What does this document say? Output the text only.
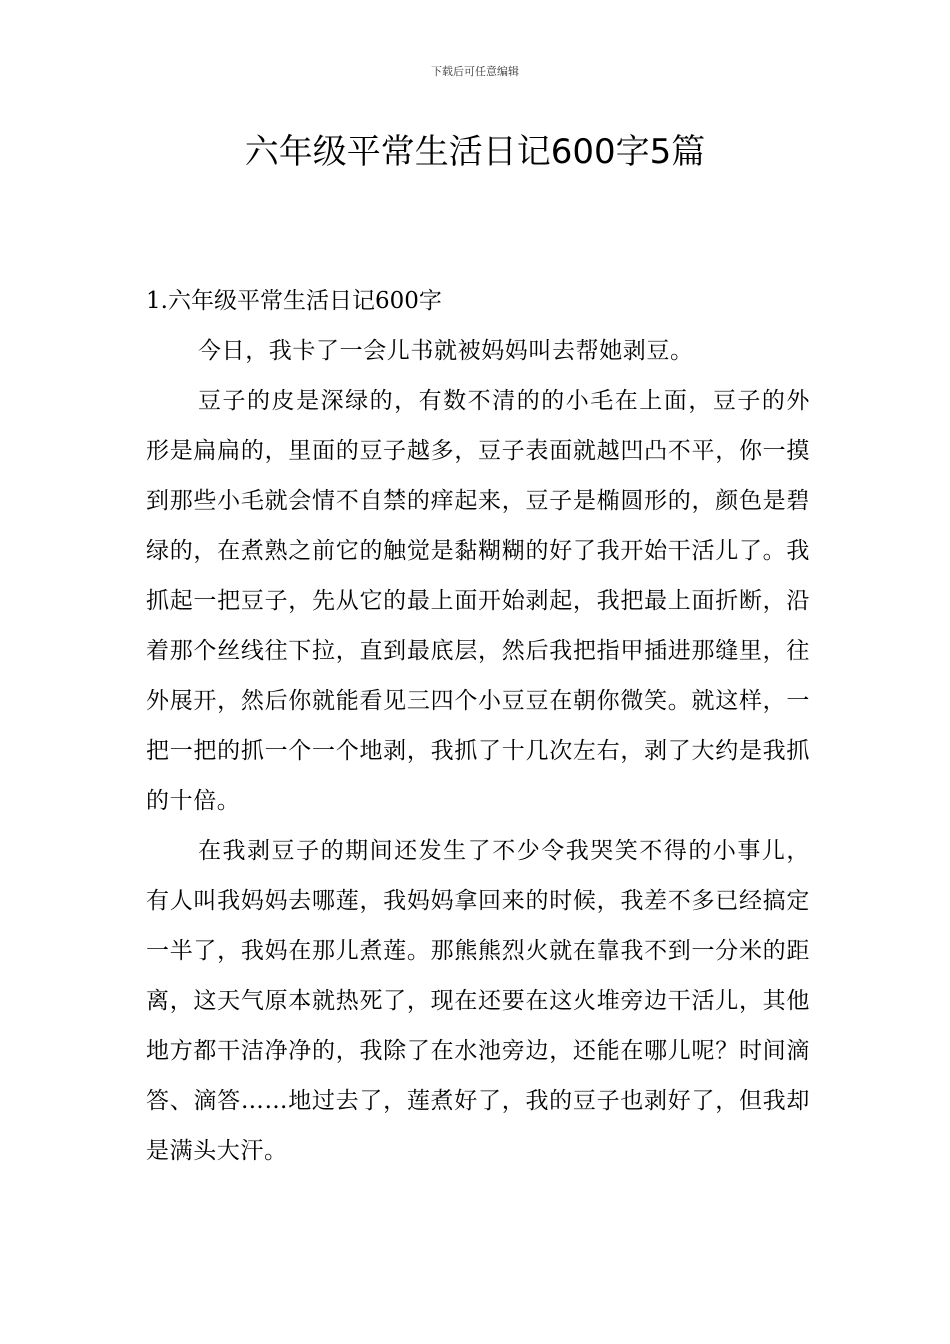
下载后可任意编辑
六年级平常生活日记600字5篇
1.六年级平常生活日记600字

今日，我卡了一会儿书就被妈妈叫去帮她剥豆。

豆子的皮是深绿的，有数不清的的小毛在上面，豆子的外形是扁扁的，里面的豆子越多，豆子表面就越凹凸不平，你一摸到那些小毛就会情不自禁的痒起来，豆子是椭圆形的，颜色是碧绿的，在煮熟之前它的触觉是黏糊糊的好了我开始干活儿了。我抓起一把豆子，先从它的最上面开始剥起，我把最上面折断，沿着那个丝线往下拉，直到最底层，然后我把指甲插进那缝里，往外展开，然后你就能看见三四个小豆豆在朝你微笑。就这样，一把一把的抓一个一个地剥，我抓了十几次左右，剥了大约是我抓的十倍。

在我剥豆子的期间还发生了不少令我哭笑不得的小事儿，有人叫我妈妈去哪莲，我妈妈拿回来的时候，我差不多已经搞定一半了，我妈在那儿煮莲。那熊熊烈火就在靠我不到一分米的距离，这天气原本就热死了，现在还要在这火堆旁边干活儿，其他地方都干洁净净的，我除了在水池旁边，还能在哪儿呢？时间滴答、滴答……地过去了，莲煮好了，我的豆子也剥好了，但我却是满头大汗。
